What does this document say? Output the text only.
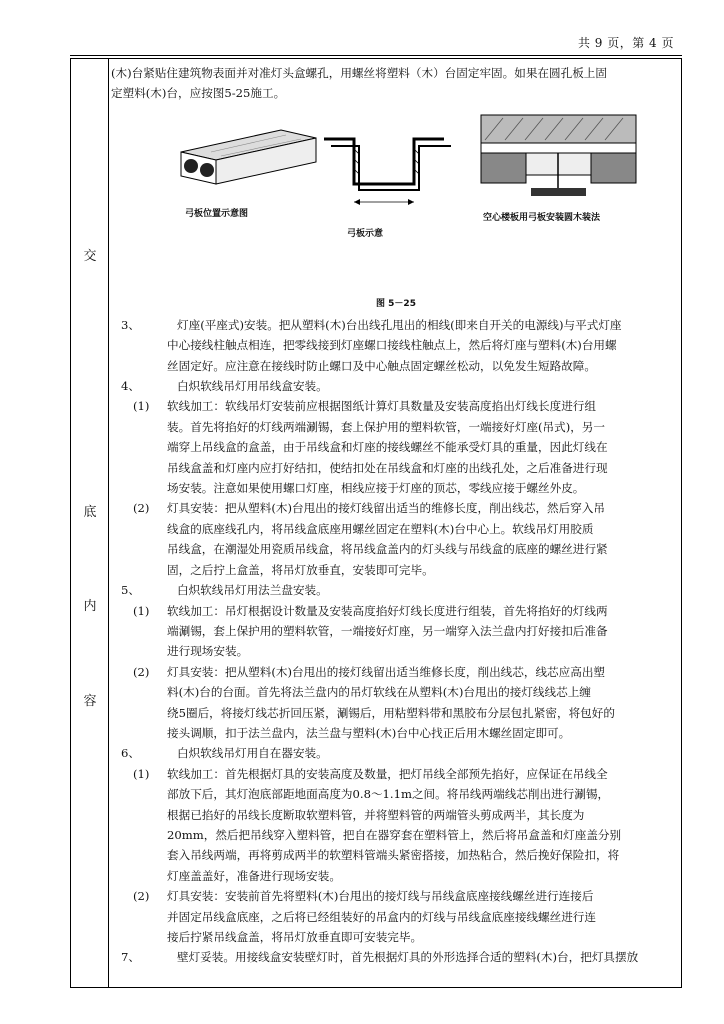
共 9 页，第 4 页
交
底
内
容
(木)台紧贴住建筑物表面并对准灯头盒螺孔，用螺丝将塑料（木）台固定牢固。如果在圆孔板上固
定塑料(木)台，应按图5-25施工。
弓板位置示意图
弓板示意
空心楼板用弓板安装圆木装法
图 5－25
3、	灯座(平座式)安装。把从塑料(木)台出线孔甩出的相线(即来自开关的电源线)与平式灯座
中心接线柱触点相连，把零线接到灯座螺口接线柱触点上，然后将灯座与塑料(木)台用螺
丝固定好。应注意在接线时防止螺口及中心触点固定螺丝松动，以免发生短路故障。
4、	白炽软线吊灯用吊线盒安装。
(1) 软线加工：软线吊灯安装前应根据图纸计算灯具数量及安装高度掐出灯线长度进行组
装。首先将掐好的灯线两端涮锡，套上保护用的塑料软管，一端接好灯座(吊式)，另一
端穿上吊线盒的盒盖，由于吊线盒和灯座的接线螺丝不能承受灯具的重量，因此灯线在
吊线盒盖和灯座内应打好结扣，使结扣处在吊线盒和灯座的出线孔处，之后准备进行现
场安装。注意如果使用螺口灯座，相线应接于灯座的顶芯，零线应接于螺丝外皮。
(2) 灯具安装：把从塑料(木)台甩出的接灯线留出适当的维修长度，削出线芯，然后穿入吊
线盒的底座线孔内，将吊线盒底座用螺丝固定在塑料(木)台中心上。软线吊灯用胶质
吊线盒，在潮湿处用瓷质吊线盒，将吊线盒盖内的灯头线与吊线盒的底座的螺丝进行紧
固，之后拧上盒盖，将吊灯放垂直，安装即可完毕。
5、	白炽软线吊灯用法兰盘安装。
(1) 软线加工：吊灯根据设计数量及安装高度掐好灯线长度进行组装，首先将掐好的灯线两
端涮锡，套上保护用的塑料软管，一端接好灯座，另一端穿入法兰盘内打好接扣后准备
进行现场安装。
(2) 灯具安装：把从塑料(木)台甩出的接灯线留出适当维修长度，削出线芯，线芯应高出塑
料(木)台的台面。首先将法兰盘内的吊灯软线在从塑料(木)台甩出的接灯线线芯上缠
绕5圈后，将接灯线芯折回压紧，涮锡后，用粘塑料带和黑胶布分层包扎紧密，将包好的
接头调顺，扣于法兰盘内，法兰盘与塑料(木)台中心找正后用木螺丝固定即可。
6、	白炽软线吊灯用自在器安装。
(1) 软线加工：首先根据灯具的安装高度及数量，把灯吊线全部预先掐好，应保证在吊线全
部放下后，其灯泡底部距地面高度为0.8～1.1m之间。将吊线两端线芯削出进行涮锡，
根据已掐好的吊线长度断取软塑料管，并将塑料管的两端管头剪成两半，其长度为
20mm，然后把吊线穿入塑料管，把自在器穿套在塑料管上，然后将吊盒盖和灯座盖分别
套入吊线两端，再将剪成两半的软塑料管端头紧密搭接，加热粘合，然后挽好保险扣，将
灯座盖盖好，准备进行现场安装。
(2) 灯具安装：安装前首先将塑料(木)台甩出的接灯线与吊线盒底座接线螺丝进行连接后
并固定吊线盒底座，之后将已经组装好的吊盒内的灯线与吊线盒底座接线螺丝进行连
接后拧紧吊线盒盖，将吊灯放垂直即可安装完毕。
7、	壁灯妥装。用接线盒安装壁灯时，首先根据灯具的外形选择合适的塑料(木)台，把灯具摆放
